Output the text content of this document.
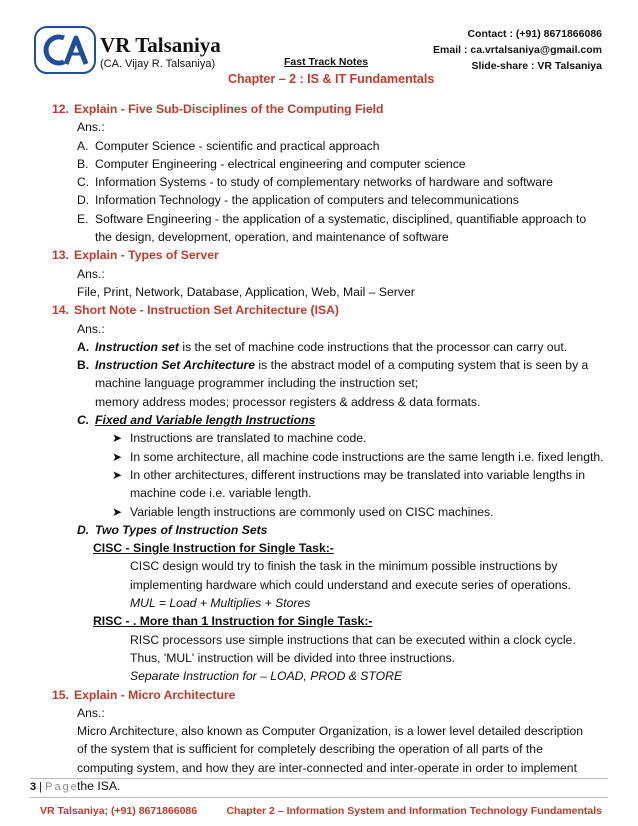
VR Talsaniya
(CA. Vijay R. Talsaniya)	Fast Track Notes
Chapter – 2 : IS & IT Fundamentals
Contact : (+91) 8671866086
Email : ca.vrtalsaniya@gmail.com
Slide-share : VR Talsaniya
12. Explain - Five Sub-Disciplines of the Computing Field
Ans.:
A. Computer Science - scientific and practical approach
B. Computer Engineering - electrical engineering and computer science
C. Information Systems - to study of complementary networks of hardware and software
D. Information Technology - the application of computers and telecommunications
E. Software Engineering - the application of a systematic, disciplined, quantifiable approach to
the design, development, operation, and maintenance of software
13. Explain - Types of Server
Ans.:
File, Print, Network, Database, Application, Web, Mail – Server
14. Short Note - Instruction Set Architecture (ISA)
Ans.:
A. Instruction set is the set of machine code instructions that the processor can carry out.
B. Instruction Set Architecture is the abstract model of a computing system that is seen by a
machine language programmer including the instruction set;
memory address modes; processor registers & address & data formats.
C. Fixed and Variable length Instructions
➤ Instructions are translated to machine code.
➤ In some architecture, all machine code instructions are the same length i.e. fixed length.
➤ In other architectures, different instructions may be translated into variable lengths in
machine code i.e. variable length.
➤ Variable length instructions are commonly used on CISC machines.
D. Two Types of Instruction Sets
CISC - Single Instruction for Single Task:-
CISC design would try to finish the task in the minimum possible instructions by
implementing hardware which could understand and execute series of operations.
MUL = Load + Multiplies + Stores
RISC - . More than 1 Instruction for Single Task:-
RISC processors use simple instructions that can be executed within a clock cycle.
Thus, 'MUL' instruction will be divided into three instructions.
Separate Instruction for – LOAD, PROD & STORE
15. Explain - Micro Architecture
Ans.:
Micro Architecture, also known as Computer Organization, is a lower level detailed description
of the system that is sufficient for completely describing the operation of all parts of the
computing system, and how they are inter-connected and inter-operate in order to implement
the ISA.
3 | Page
VR Talsaniya; (+91) 8671866086	Chapter 2 – Information System and Information Technology Fundamentals
